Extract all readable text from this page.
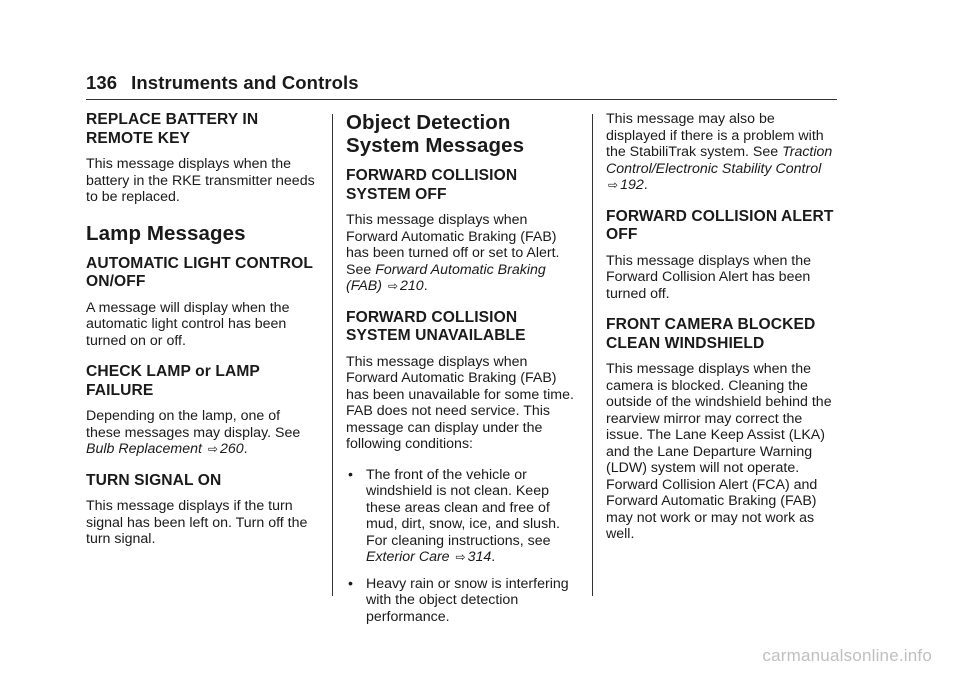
136 Instruments and Controls
REPLACE BATTERY IN REMOTE KEY

This message displays when the battery in the RKE transmitter needs to be replaced.

Lamp Messages
AUTOMATIC LIGHT CONTROL ON/OFF

A message will display when the automatic light control has been turned on or off.

CHECK LAMP or LAMP FAILURE

Depending on the lamp, one of these messages may display. See Bulb Replacement ⇨ 260.

TURN SIGNAL ON

This message displays if the turn signal has been left on. Turn off the turn signal.

Object Detection System Messages
FORWARD COLLISION SYSTEM OFF

This message displays when Forward Automatic Braking (FAB) has been turned off or set to Alert. See Forward Automatic Braking (FAB) ⇨ 210.

FORWARD COLLISION SYSTEM UNAVAILABLE

This message displays when Forward Automatic Braking (FAB) has been unavailable for some time. FAB does not need service. This message can display under the following conditions:

• The front of the vehicle or windshield is not clean. Keep these areas clean and free of mud, dirt, snow, ice, and slush. For cleaning instructions, see Exterior Care ⇨ 314.
• Heavy rain or snow is interfering with the object detection performance.

This message may also be displayed if there is a problem with the StabiliTrak system. See Traction Control/Electronic Stability Control ⇨ 192.

FORWARD COLLISION ALERT OFF

This message displays when the Forward Collision Alert has been turned off.

FRONT CAMERA BLOCKED CLEAN WINDSHIELD

This message displays when the camera is blocked. Cleaning the outside of the windshield behind the rearview mirror may correct the issue. The Lane Keep Assist (LKA) and the Lane Departure Warning (LDW) system will not operate. Forward Collision Alert (FCA) and Forward Automatic Braking (FAB) may not work or may not work as well.

carmanualsonline.info
